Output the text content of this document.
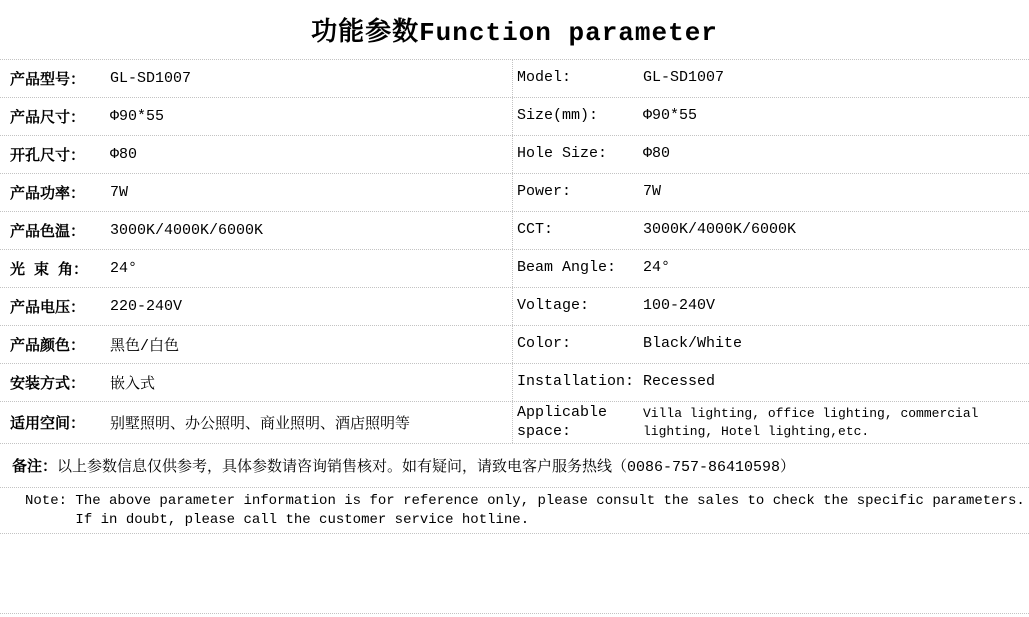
功能参数Function parameter
产品型号：	GL-SD1007	Model:	GL-SD1007
产品尺寸：	Φ90*55	Size(mm):	Φ90*55
开孔尺寸：	Φ80	Hole Size:	Φ80
产品功率：	7W	Power:	7W
产品色温：	3000K/4000K/6000K	CCT:	3000K/4000K/6000K
光 束 角：	24°	Beam Angle:	24°
产品电压：	220-240V	Voltage:	100-240V
产品颜色：	黑色/白色	Color:	Black/White
安装方式：	嵌入式	Installation: Recessed
适用空间：	别墅照明、办公照明、商业照明、酒店照明等
Applicable space:
Villa lighting, office lighting, commercial lighting, Hotel lighting,etc.
备注： 以上参数信息仅供参考，具体参数请咨询销售核对。如有疑问，请致电客户服务热线（0086-757-86410598）
Note: The above parameter information is for reference only, please consult the sales to check the specific parameters.
If in doubt, please call the customer service hotline.
